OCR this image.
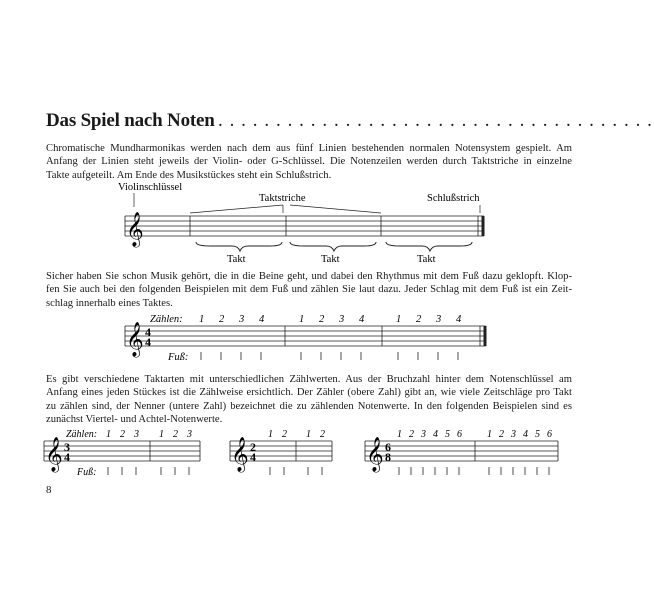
Das Spiel nach Noten . . . . . . . . . . . . . . . . . . . . . . . . . . . . . . . . . . . . . .
Chromatische Mundharmonikas werden nach dem aus fünf Linien bestehenden normalen Notensystem gespielt. Am
Anfang der Linien steht jeweils der Violin- oder G-Schlüssel. Die Notenzeilen werden durch Taktstriche in einzelne
Takte aufgeteilt. Am Ende des Musikstückes steht ein Schlußstrich.
Violinschlüssel
Taktstriche	Schlußstrich
𝄞
Takt	Takt	Takt
Zählen: 1 2 3 4	1 2 3 4	1 2 3 4
𝄞 4
4
Fuß:
Zählen: 1 2 3 1 2 3
𝄞 3
4
Fuß:
1 2 1 2
𝄞 2
4
1 2 3 4 5 6	1 2 3 4 5 6
𝄞 6
8
Sicher haben Sie schon Musik gehört, die in die Beine geht, und dabei den Rhythmus mit dem Fuß dazu geklopft. Klop-
fen Sie auch bei den folgenden Beispielen mit dem Fuß und zählen Sie laut dazu. Jeder Schlag mit dem Fuß ist ein Zeit-
schlag innerhalb eines Taktes.
Es gibt verschiedene Taktarten mit unterschiedlichen Zählwerten. Aus der Bruchzahl hinter dem Notenschlüssel am
Anfang eines jeden Stückes ist die Zählweise ersichtlich. Der Zähler (obere Zahl) gibt an, wie viele Zeitschläge pro Takt
zu zählen sind, der Nenner (untere Zahl) bezeichnet die zu zählenden Notenwerte. In den folgenden Beispielen sind es
zunächst Viertel- und Achtel-Notenwerte.
8
